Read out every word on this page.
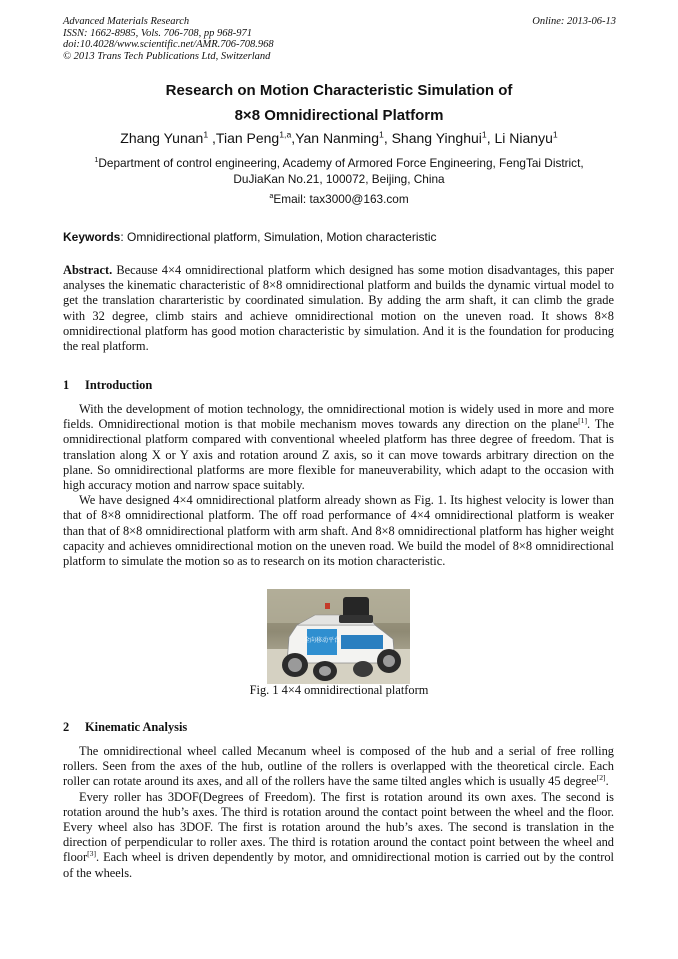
Advanced Materials Research
ISSN: 1662-8985, Vols. 706-708, pp 968-971
doi:10.4028/www.scientific.net/AMR.706-708.968
© 2013 Trans Tech Publications Ltd, Switzerland
Online: 2013-06-13
Research on Motion Characteristic Simulation of
8×8 Omnidirectional Platform
Zhang Yunan$^1$ ,Tian Peng$^{1,a}$,Yan Nanming$^1$, Shang Yinghui$^1$, Li Nianyu$^1$
$^1$Department of control engineering, Academy of Armored Force Engineering, FengTai District,
DuJiaKan No.21, 100072, Beijing, China
$^a$Email: tax3000@163.com
Keywords: Omnidirectional platform, Simulation, Motion characteristic

Abstract. Because 4×4 omnidirectional platform which designed has some motion disadvantages, this paper analyses the kinematic characteristic of 8×8 omnidirectional platform and builds the dynamic virtual model to get the translation chararteristic by coordinated simulation. By adding the arm shaft, it can climb the grade with 32 degree, climb stairs and achieve omnidirectional motion on the uneven road. It shows 8×8 omnidirectional platform has good motion characteristic by simulation. And it is the foundation for producing the real platform.

1 Introduction

With the development of motion technology, the omnidirectional motion is widely used in more and more fields. Omnidirectional motion is that mobile mechanism moves towards any direction on the plane[1]. The omnidirectional platform compared with conventional wheeled platform has three degree of freedom. That is translation along X or Y axis and rotation around Z axis, so it can move towards arbitrary direction on the plane. So omnidirectional platforms are more flexible for maneuverability, which adapt to the occasion with high accuracy motion and narrow space suitably.

We have designed 4×4 omnidirectional platform already shown as Fig. 1. Its highest velocity is lower than that of 8×8 omnidirectional platform. The off road performance of 4×4 omnidirectional platform is weaker than that of 8×8 omnidirectional platform with arm shaft. And 8×8 omnidirectional platform has higher weight capacity and achieves omnidirectional motion on the uneven road. We build the model of 8×8 omnidirectional platform to simulate the motion so as to research on its motion characteristic.

全向移动平台
Fig. 1 4×4 omnidirectional platform
2 Kinematic Analysis

The omnidirectional wheel called Mecanum wheel is composed of the hub and a serial of free rolling rollers. Seen from the axes of the hub, outline of the rollers is overlapped with the theoretical circle. Each roller can rotate around its axes, and all of the rollers have the same tilted angles which is usually 45 degree[2].

Every roller has 3DOF(Degrees of Freedom). The first is rotation around its own axes. The second is rotation around the hub’s axes. The third is rotation around the contact point between the wheel and the floor. Every wheel also has 3DOF. The first is rotation around the hub’s axes. The second is translation in the direction of perpendicular to roller axes. The third is rotation around the contact point between the wheel and floor[3]. Each wheel is driven dependently by motor, and omnidirectional motion is carried out by the control of the wheels.
